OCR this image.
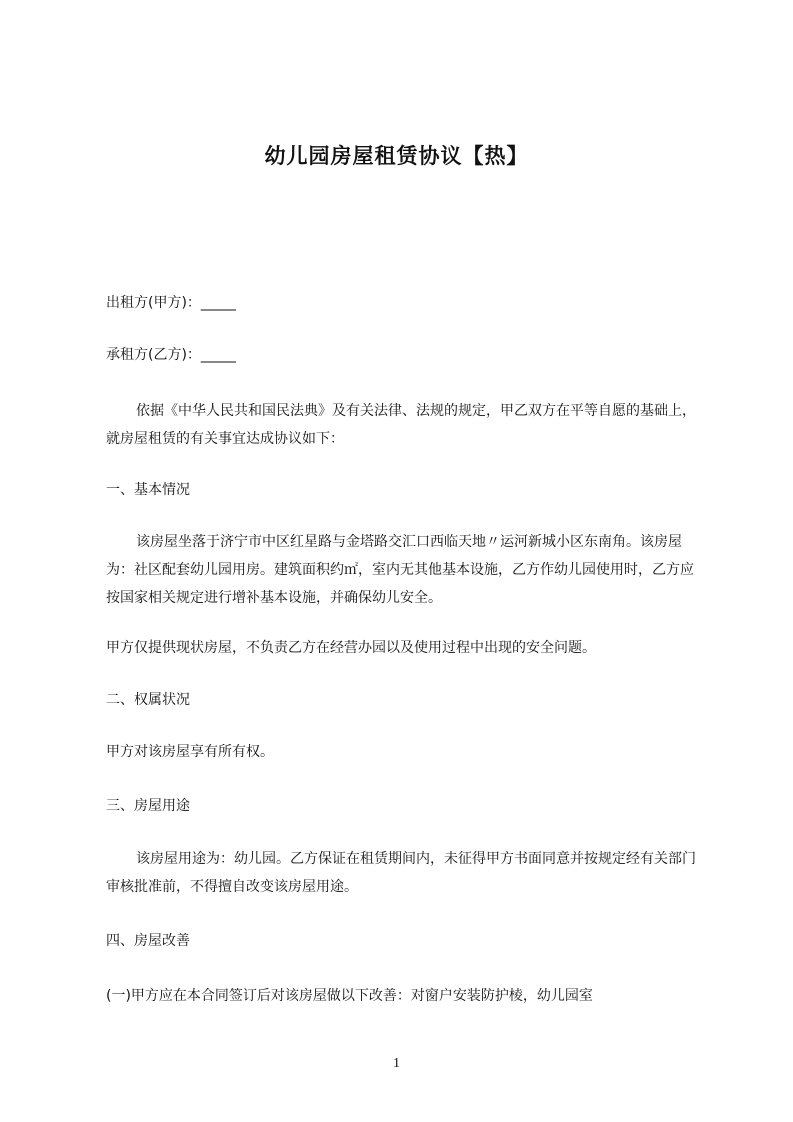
幼儿园房屋租赁协议【热】
出租方(甲方)：_____
承租方(乙方)：_____
依据《中华人民共和国民法典》及有关法律、法规的规定，甲乙双方在平等自愿的基础上，就房屋租赁的有关事宜达成协议如下：
一、基本情况
该房屋坐落于济宁市中区红星路与金塔路交汇口西临天地〃运河新城小区东南角。该房屋为：社区配套幼儿园用房。建筑面积约㎡，室内无其他基本设施，乙方作幼儿园使用时，乙方应按国家相关规定进行增补基本设施，并确保幼儿安全。
甲方仅提供现状房屋，不负责乙方在经营办园以及使用过程中出现的安全问题。
二、权属状况
甲方对该房屋享有所有权。
三、房屋用途
该房屋用途为：幼儿园。乙方保证在租赁期间内，未征得甲方书面同意并按规定经有关部门审核批准前，不得擅自改变该房屋用途。
四、房屋改善
(一)甲方应在本合同签订后对该房屋做以下改善：对窗户安装防护棱，幼儿园室
1
